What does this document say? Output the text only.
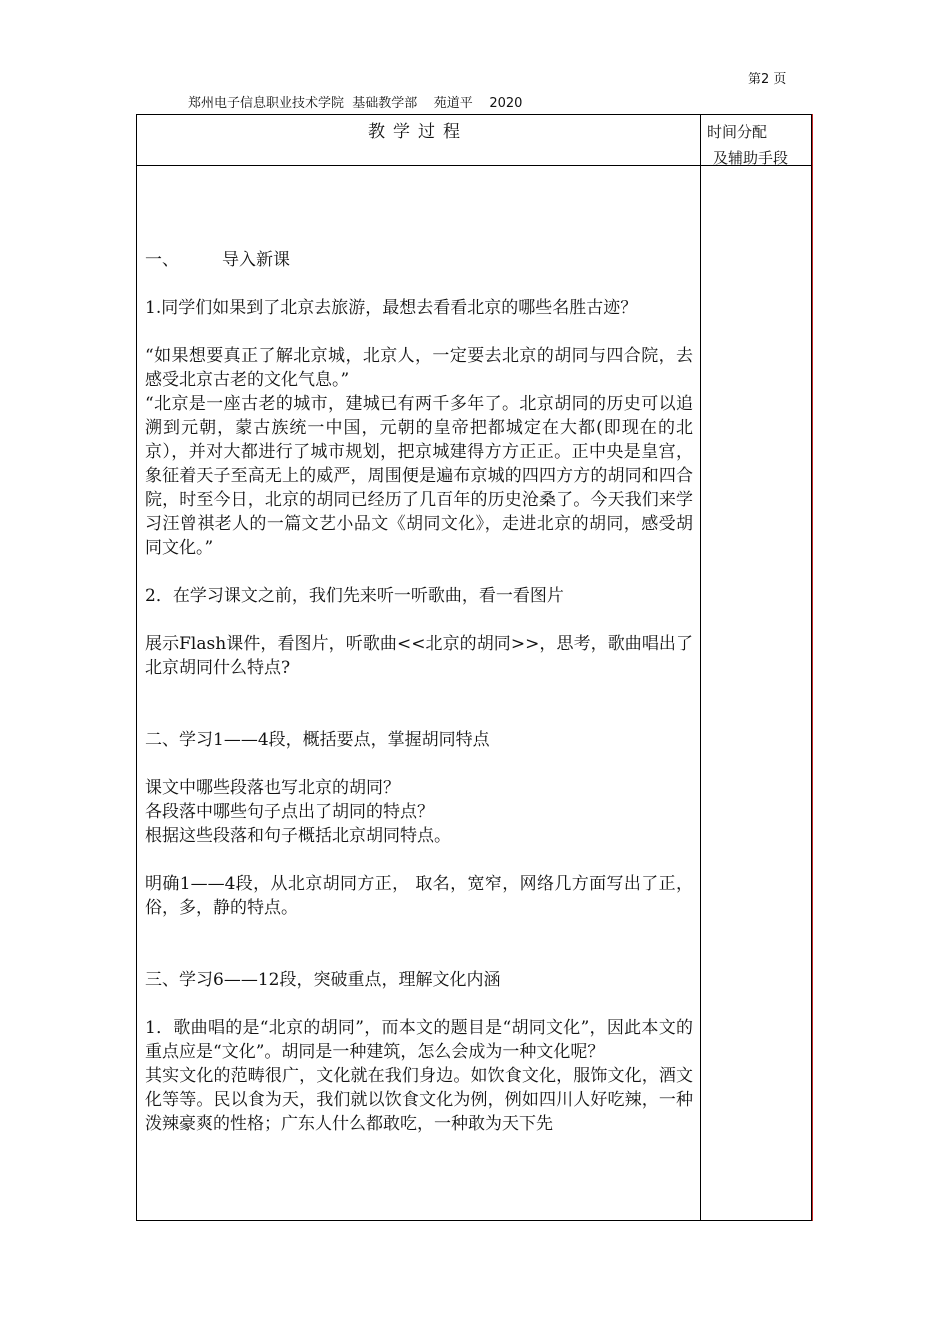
第2 页
郑州电子信息职业技术学院  基础教学部    苑道平    2020
教学过程	时间分配
及辅助手段

一、	导入新课

1.同学们如果到了北京去旅游，最想去看看北京的哪些名胜古迹？

“如果想要真正了解北京城，北京人，一定要去北京的胡同与四合院，去感受北京古老的文化气息。”

“北京是一座古老的城市，建城已有两千多年了。北京胡同的历史可以追溯到元朝，蒙古族统一中国，元朝的皇帝把都城定在大都(即现在的北京），并对大都进行了城市规划，把京城建得方方正正。正中央是皇宫，象征着天子至高无上的威严，周围便是遍布京城的四四方方的胡同和四合院，时至今日，北京的胡同已经历了几百年的历史沧桑了。今天我们来学习汪曾祺老人的一篇文艺小品文《胡同文化》，走进北京的胡同，感受胡同文化。”

2．在学习课文之前，我们先来听一听歌曲，看一看图片

展示Flash课件，看图片，听歌曲<<北京的胡同>>，思考，歌曲唱出了北京胡同什么特点?

二、学习1——4段，概括要点，掌握胡同特点

课文中哪些段落也写北京的胡同？

各段落中哪些句子点出了胡同的特点？

根据这些段落和句子概括北京胡同特点。

明确1——4段，从北京胡同方正， 取名，宽窄，网络几方面写出了正，俗，多，静的特点。

三、学习6——12段，突破重点，理解文化内涵

1．歌曲唱的是“北京的胡同”，而本文的题目是“胡同文化”，因此本文的重点应是“文化”。胡同是一种建筑，怎么会成为一种文化呢？

其实文化的范畴很广，文化就在我们身边。如饮食文化，服饰文化，酒文化等等。民以食为天，我们就以饮食文化为例，例如四川人好吃辣，一种泼辣豪爽的性格；广东人什么都敢吃，一种敢为天下先
